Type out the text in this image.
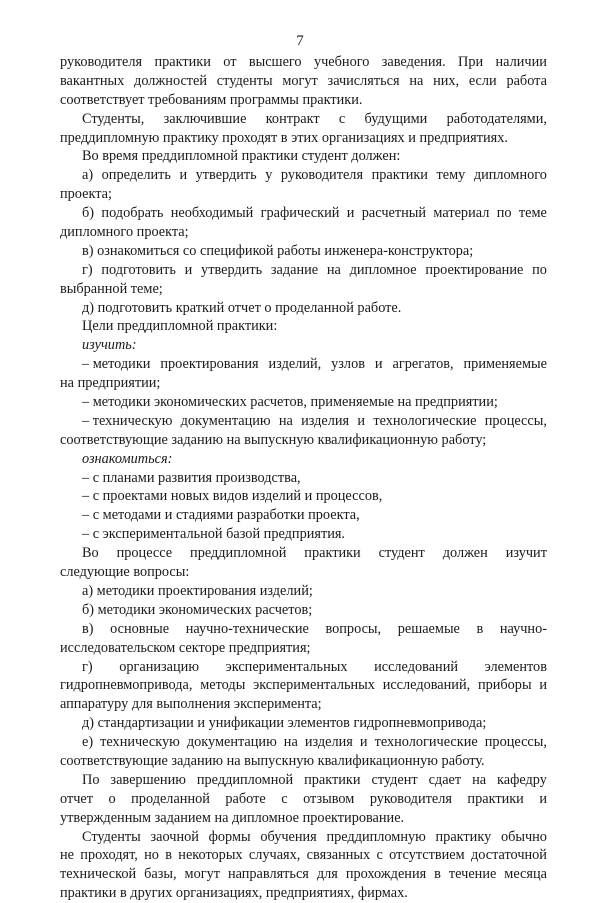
7
руководителя практики от высшего учебного заведения. При наличии
вакантных должностей студенты могут зачисляться на них, если работа
соответствует требованиям программы практики.
Студенты, заключившие контракт с будущими работодателями,
преддипломную практику проходят в этих организациях и предприятиях.
Во время преддипломной практики студент должен:
а) определить и утвердить у руководителя практики тему дипломного
проекта;
б) подобрать необходимый графический и расчетный материал по теме
дипломного проекта;
в) ознакомиться со спецификой работы инженера-конструктора;
г) подготовить и утвердить задание на дипломное проектирование по
выбранной теме;
д) подготовить краткий отчет о проделанной работе.
Цели преддипломной практики:
изучить:
– методики проектирования изделий, узлов и агрегатов, применяемые
на предприятии;
– методики экономических расчетов, применяемые на предприятии;
– техническую документацию на изделия и технологические процессы,
соответствующие заданию на выпускную квалификационную работу;
ознакомиться:
– с планами развития производства,
– с проектами новых видов изделий и процессов,
– с методами и стадиями разработки проекта,
– с экспериментальной базой предприятия.
Во процессе преддипломной практики студент должен изучит
следующие вопросы:
а) методики проектирования изделий;
б) методики экономических расчетов;
в) основные научно-технические вопросы, решаемые в научно-
исследовательском секторе предприятия;
г) организацию экспериментальных исследований элементов
гидропневмопривода, методы экспериментальных исследований, приборы и
аппаратуру для выполнения эксперимента;
д) стандартизации и унификации элементов гидропневмопривода;
е) техническую документацию на изделия и технологические процессы,
соответствующие заданию на выпускную квалификационную работу.
По завершению преддипломной практики студент сдает на кафедру
отчет о проделанной работе с отзывом руководителя практики и
утвержденным заданием на дипломное проектирование.
Студенты заочной формы обучения преддипломную практику обычно
не проходят, но в некоторых случаях, связанных с отсутствием достаточной
технической базы, могут направляться для прохождения в течение месяца
практики в других организациях, предприятиях, фирмах.
